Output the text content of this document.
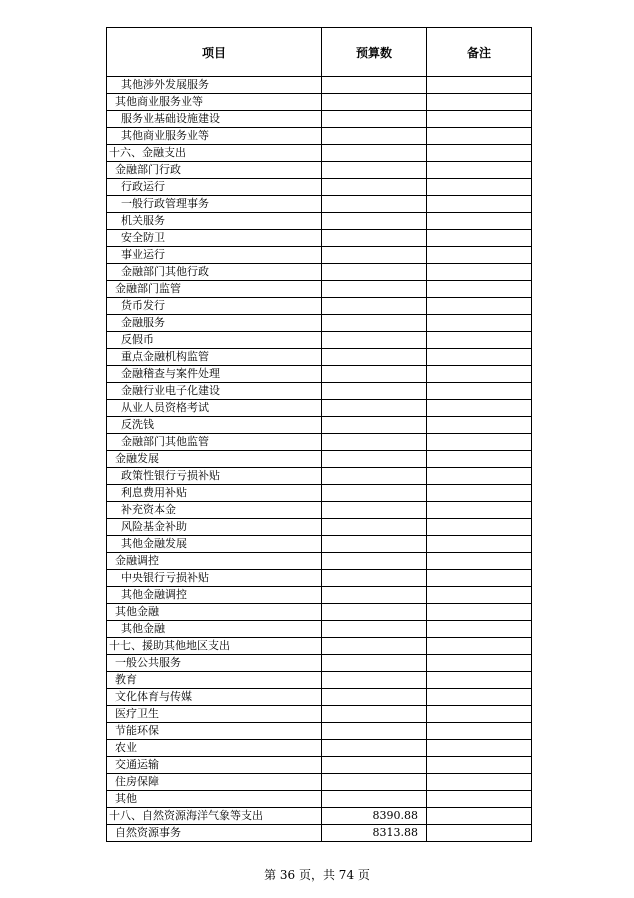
项目	预算数	备注
其他涉外发展服务		
其他商业服务业等		
服务业基础设施建设		
其他商业服务业等		
十六、金融支出		
金融部门行政		
行政运行		
一般行政管理事务		
机关服务		
安全防卫		
事业运行		
金融部门其他行政		
金融部门监管		
货币发行		
金融服务		
反假币		
重点金融机构监管		
金融稽查与案件处理		
金融行业电子化建设		
从业人员资格考试		
反洗钱		
金融部门其他监管		
金融发展		
政策性银行亏损补贴		
利息费用补贴		
补充资本金		
风险基金补助		
其他金融发展		
金融调控		
中央银行亏损补贴		
其他金融调控		
其他金融		
其他金融		
十七、援助其他地区支出		
一般公共服务		
教育		
文化体育与传媒		
医疗卫生		
节能环保		
农业		
交通运输		
住房保障		
其他		
十八、自然资源海洋气象等支出	8390.88	
自然资源事务	8313.88	
第 36 页，共 74 页
